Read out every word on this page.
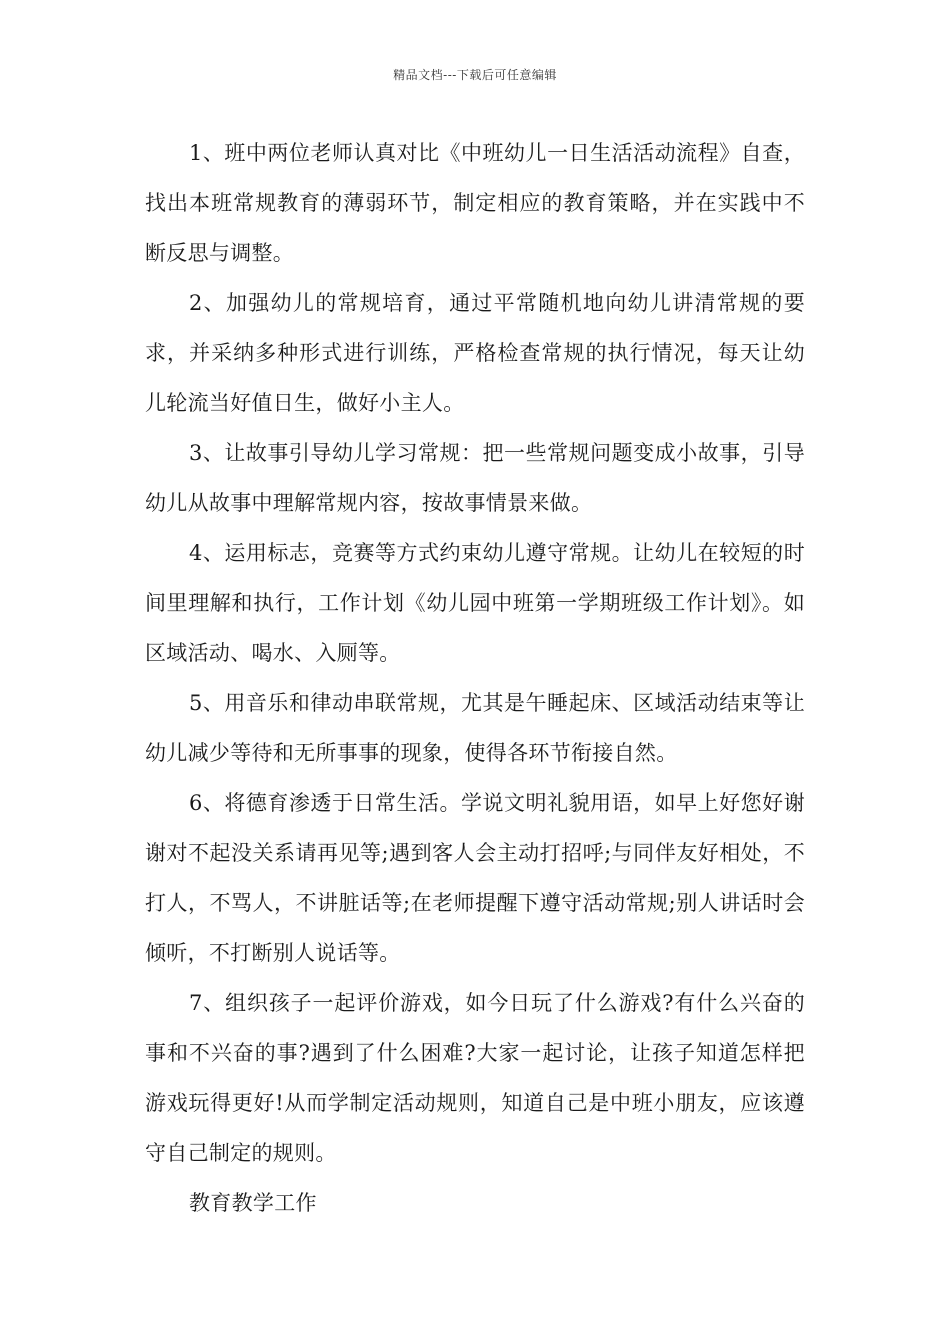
精品文档---下载后可任意编辑

1、班中两位老师认真对比《中班幼儿一日生活活动流程》自查，找出本班常规教育的薄弱环节，制定相应的教育策略，并在实践中不断反思与调整。

2、加强幼儿的常规培育，通过平常随机地向幼儿讲清常规的要求，并采纳多种形式进行训练，严格检查常规的执行情况，每天让幼儿轮流当好值日生，做好小主人。

3、让故事引导幼儿学习常规：把一些常规问题变成小故事，引导幼儿从故事中理解常规内容，按故事情景来做。

4、运用标志，竞赛等方式约束幼儿遵守常规。让幼儿在较短的时间里理解和执行，工作计划《幼儿园中班第一学期班级工作计划》。如区域活动、喝水、入厕等。

5、用音乐和律动串联常规，尤其是午睡起床、区域活动结束等让幼儿减少等待和无所事事的现象，使得各环节衔接自然。

6、将德育渗透于日常生活。学说文明礼貌用语，如早上好您好谢谢对不起没关系请再见等;遇到客人会主动打招呼;与同伴友好相处，不打人，不骂人，不讲脏话等;在老师提醒下遵守活动常规;别人讲话时会倾听，不打断别人说话等。

7、组织孩子一起评价游戏，如今日玩了什么游戏?有什么兴奋的事和不兴奋的事?遇到了什么困难?大家一起讨论，让孩子知道怎样把游戏玩得更好!从而学制定活动规则，知道自己是中班小朋友，应该遵守自己制定的规则。

教育教学工作
